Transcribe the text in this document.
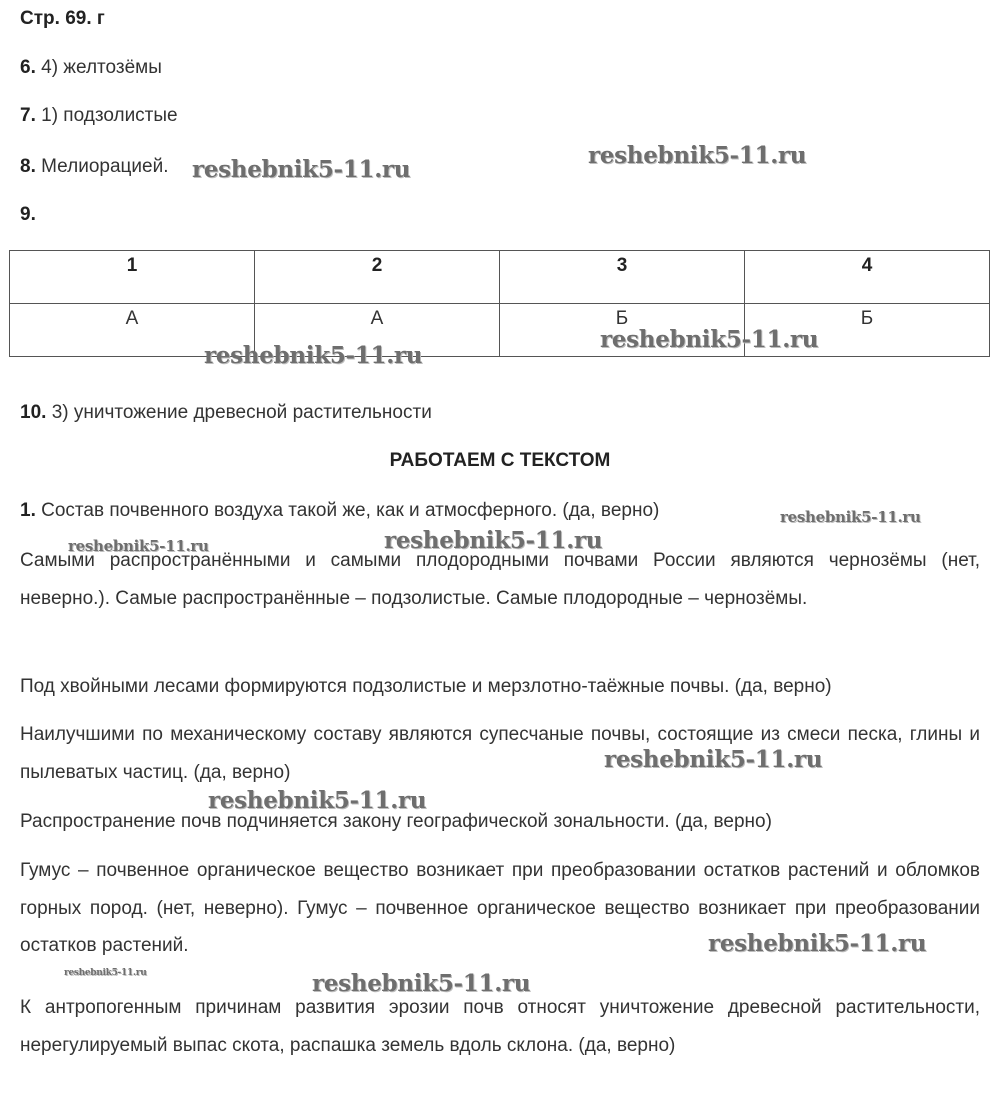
Стр. 69. г
6. 4) желтозёмы
7. 1) подзолистые
8. Мелиорацией.
9.
1	2	3	4
А	А	Б	Б
10. 3) уничтожение древесной растительности
РАБОТАЕМ С ТЕКСТОМ
1. Состав почвенного воздуха такой же, как и атмосферного. (да, верно)
Самыми распространёнными и самыми плодородными почвами России являются чернозёмы (нет, неверно.). Самые распространённые – подзолистые. Самые плодородные – чернозёмы.
Под хвойными лесами формируются подзолистые и мерзлотно-таёжные почвы. (да, верно)
Наилучшими по механическому составу являются супесчаные почвы, состоящие из смеси песка, глины и пылеватых частиц. (да, верно)
Распространение почв подчиняется закону географической зональности. (да, верно)
Гумус – почвенное органическое вещество возникает при преобразовании остатков растений и обломков горных пород. (нет, неверно). Гумус – почвенное органическое вещество возникает при преобразовании остатков растений.
К антропогенным причинам развития эрозии почв относят уничтожение древесной растительности, нерегулируемый выпас скота, распашка земель вдоль склона. (да, верно)
reshebnik5-11.ru
reshebnik5-11.ru
reshebnik5-11.ru
reshebnik5-11.ru
reshebnik5-11.ru
reshebnik5-11.ru
reshebnik5-11.ru
reshebnik5-11.ru
reshebnik5-11.ru
reshebnik5-11.ru
reshebnik5-11.ru	reshebnik5-11.ru
